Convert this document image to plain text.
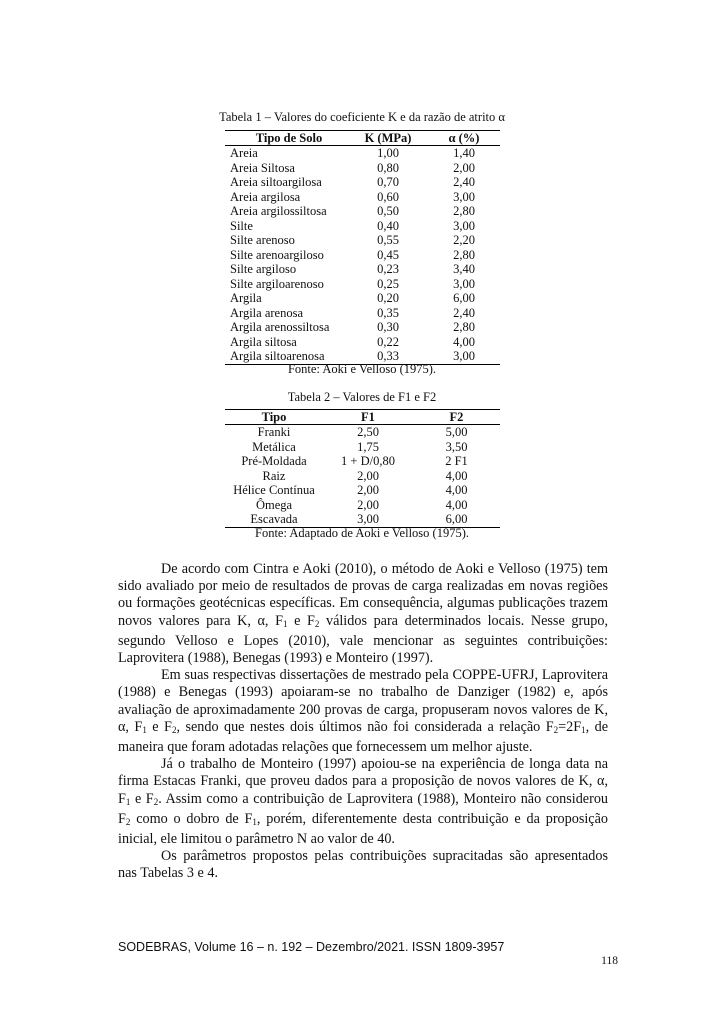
Tabela 1 – Valores do coeficiente K e da razão de atrito α
Tipo de Solo	K (MPa)	α (%)
Areia	1,00	1,40
Areia Siltosa	0,80	2,00
Areia siltoargilosa	0,70	2,40
Areia argilosa	0,60	3,00
Areia argilossiltosa	0,50	2,80
Silte	0,40	3,00
Silte arenoso	0,55	2,20
Silte arenoargiloso	0,45	2,80
Silte argiloso	0,23	3,40
Silte argiloarenoso	0,25	3,00
Argila	0,20	6,00
Argila arenosa	0,35	2,40
Argila arenossiltosa	0,30	2,80
Argila siltosa	0,22	4,00
Argila siltoarenosa	0,33	3,00
Fonte: Aoki e Velloso (1975).
Tabela 2 – Valores de F1 e F2
Tipo	F1	F2
Franki	2,50	5,00
Metálica	1,75	3,50
Pré-Moldada	1 + D/0,80	2 F1
Raiz	2,00	4,00
Hélice Contínua	2,00	4,00
Ômega	2,00	4,00
Escavada	3,00	6,00
Fonte: Adaptado de Aoki e Velloso (1975).

De acordo com Cintra e Aoki (2010), o método de Aoki e Velloso (1975) tem sido avaliado por meio de resultados de provas de carga realizadas em novas regiões ou formações geotécnicas específicas. Em consequência, algumas publicações trazem novos valores para K, α, $F_1$ e $F_2$ válidos para determinados locais. Nesse grupo, segundo Velloso e Lopes (2010), vale mencionar as seguintes contribuições: Laprovitera (1988), Benegas (1993) e Monteiro (1997).

Em suas respectivas dissertações de mestrado pela COPPE-UFRJ, Laprovitera (1988) e Benegas (1993) apoiaram-se no trabalho de Danziger (1982) e, após avaliação de aproximadamente 200 provas de carga, propuseram novos valores de K, α, $F_1$ e $F_2$, sendo que nestes dois últimos não foi considerada a relação $F_2=2F_1$, de maneira que foram adotadas relações que fornecessem um melhor ajuste.

Já o trabalho de Monteiro (1997) apoiou-se na experiência de longa data na firma Estacas Franki, que proveu dados para a proposição de novos valores de K, α, $F_1$ e $F_2$. Assim como a contribuição de Laprovitera (1988), Monteiro não considerou $F_2$ como o dobro de $F_1$, porém, diferentemente desta contribuição e da proposição inicial, ele limitou o parâmetro N ao valor de 40.

Os parâmetros propostos pelas contribuições supracitadas são apresentados nas Tabelas 3 e 4.

SODEBRAS, Volume 16 – n. 192 – Dezembro/2021. ISSN 1809-3957
118
